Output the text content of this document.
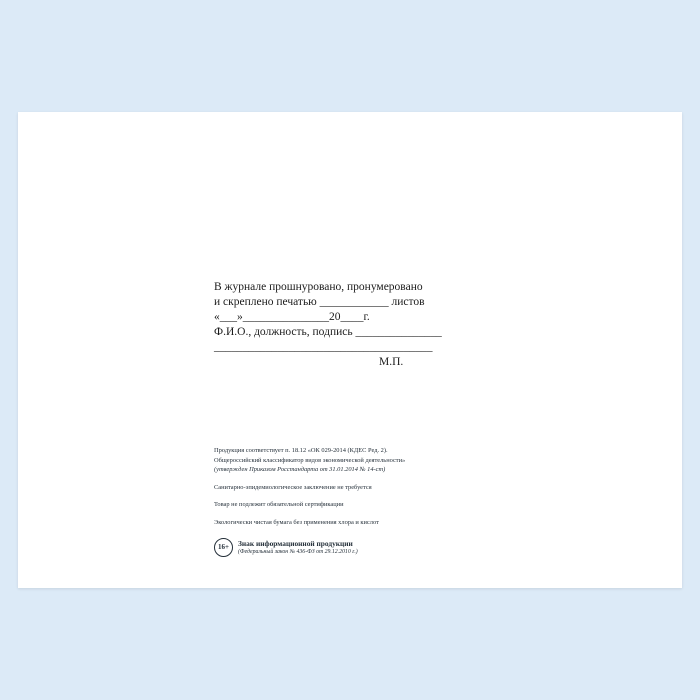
В журнале прошнуровано, пронумеровано
и скреплено печатью ____________ листов
«___»_______________20____г.
Ф.И.О., должность, подпись _______________
______________________________________
М.П.

Продукция соответствует п. 18.12 «ОК 029-2014 (КДЕС Ред. 2).

Общероссийский классификатор видов экономической деятельности»

(утвержден Приказом Росстандарта от 31.01.2014 № 14-ст)

Санитарно-эпидемиологическое заключение не требуется

Товар не подлежит обязательной сертификации

Экологически чистая бумага без применения хлора и кислот

16+	Знак информационной продукции
(Федеральный закон № 436-ФЗ от 29.12.2010 г.)
